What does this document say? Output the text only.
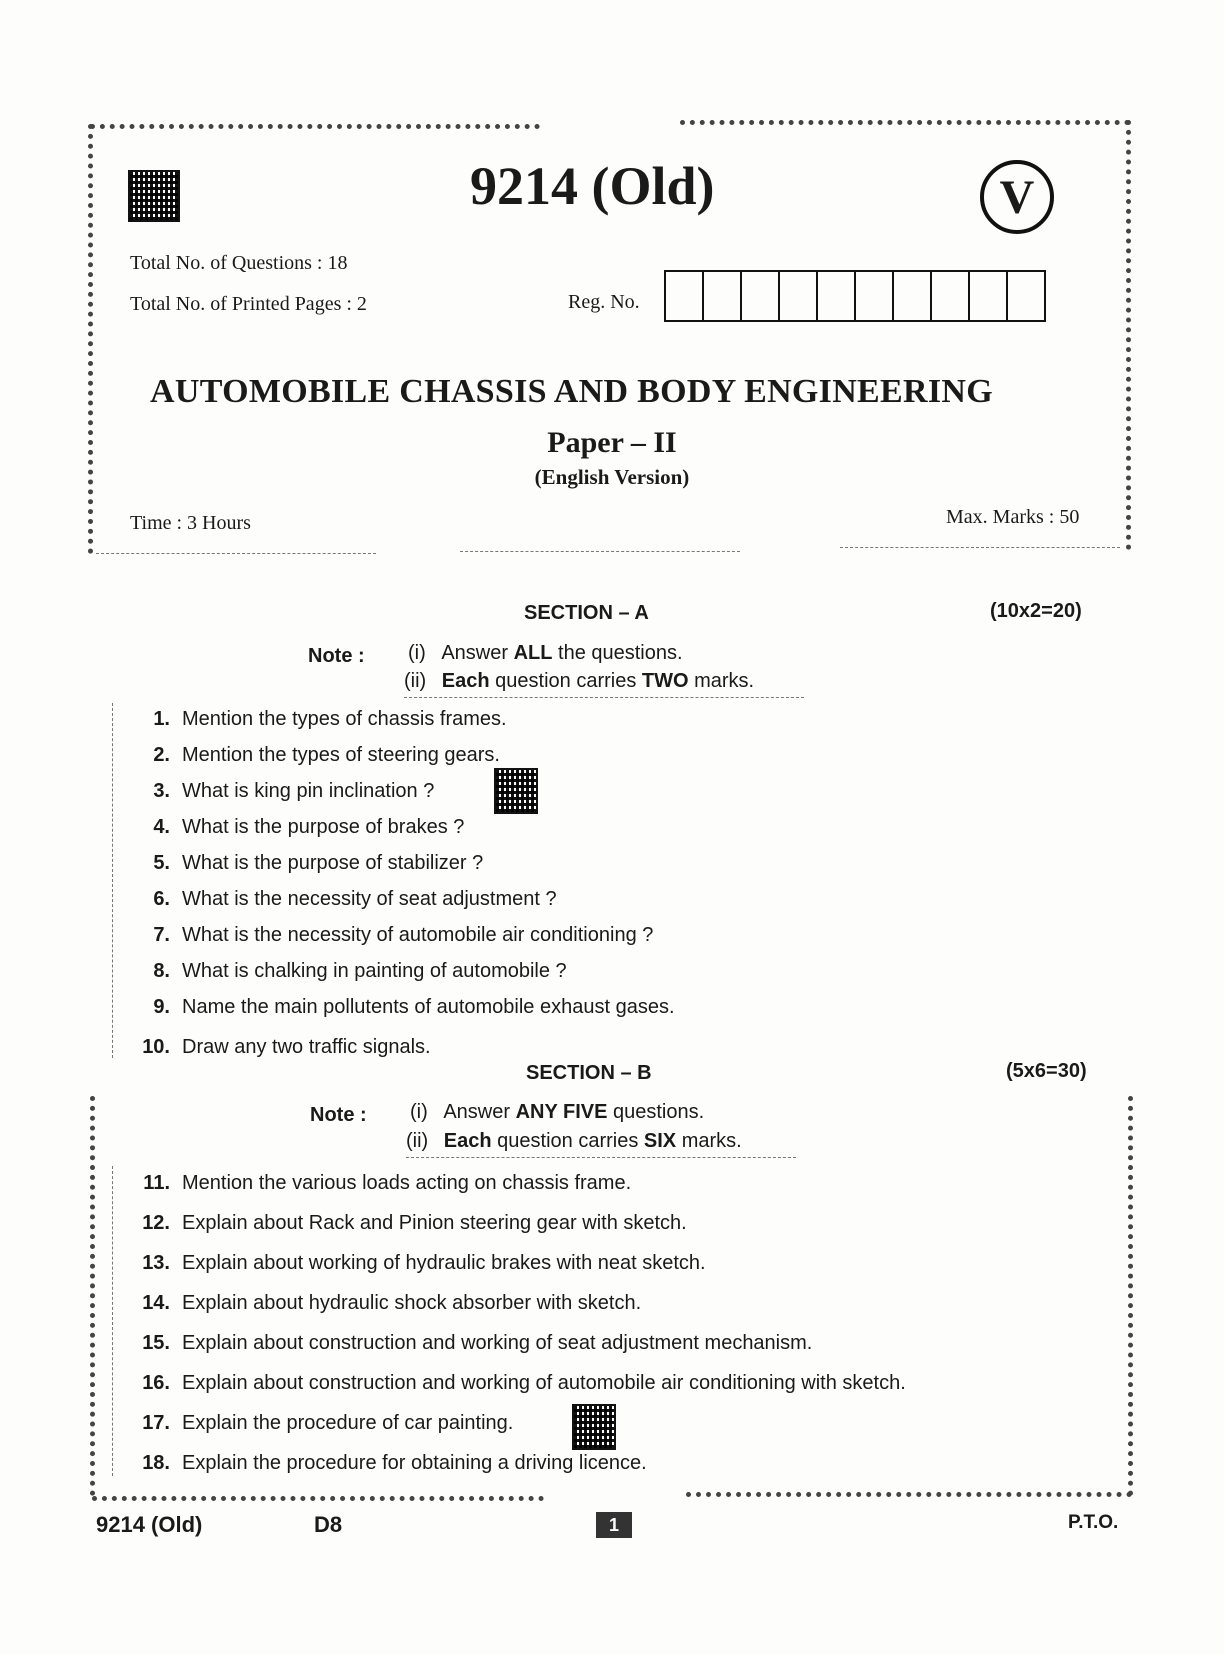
9214 (Old)	V
Total No. of Questions : 18
Total No. of Printed Pages : 2	Reg. No.
AUTOMOBILE CHASSIS AND BODY ENGINEERING
Paper – II
(English Version)
Time : 3 Hours	Max. Marks : 50
SECTION – A	(10x2=20)
Note : (i) Answer ALL the questions.
(ii) Each question carries TWO marks.
1. Mention the types of chassis frames.
2. Mention the types of steering gears.
3. What is king pin inclination ?
4. What is the purpose of brakes ?
5. What is the purpose of stabilizer ?
6. What is the necessity of seat adjustment ?
7. What is the necessity of automobile air conditioning ?
8. What is chalking in painting of automobile ?
9. Name the main pollutents of automobile exhaust gases.
10. Draw any two traffic signals.
SECTION – B	(5x6=30)
Note : (i) Answer ANY FIVE questions.
(ii) Each question carries SIX marks.
11. Mention the various loads acting on chassis frame.
12. Explain about Rack and Pinion steering gear with sketch.
13. Explain about working of hydraulic brakes with neat sketch.
14. Explain about hydraulic shock absorber with sketch.
15. Explain about construction and working of seat adjustment mechanism.
16. Explain about construction and working of automobile air conditioning with sketch.
17. Explain the procedure of car painting.
18. Explain the procedure for obtaining a driving licence.
9214 (Old)	D8	1	P.T.O.
